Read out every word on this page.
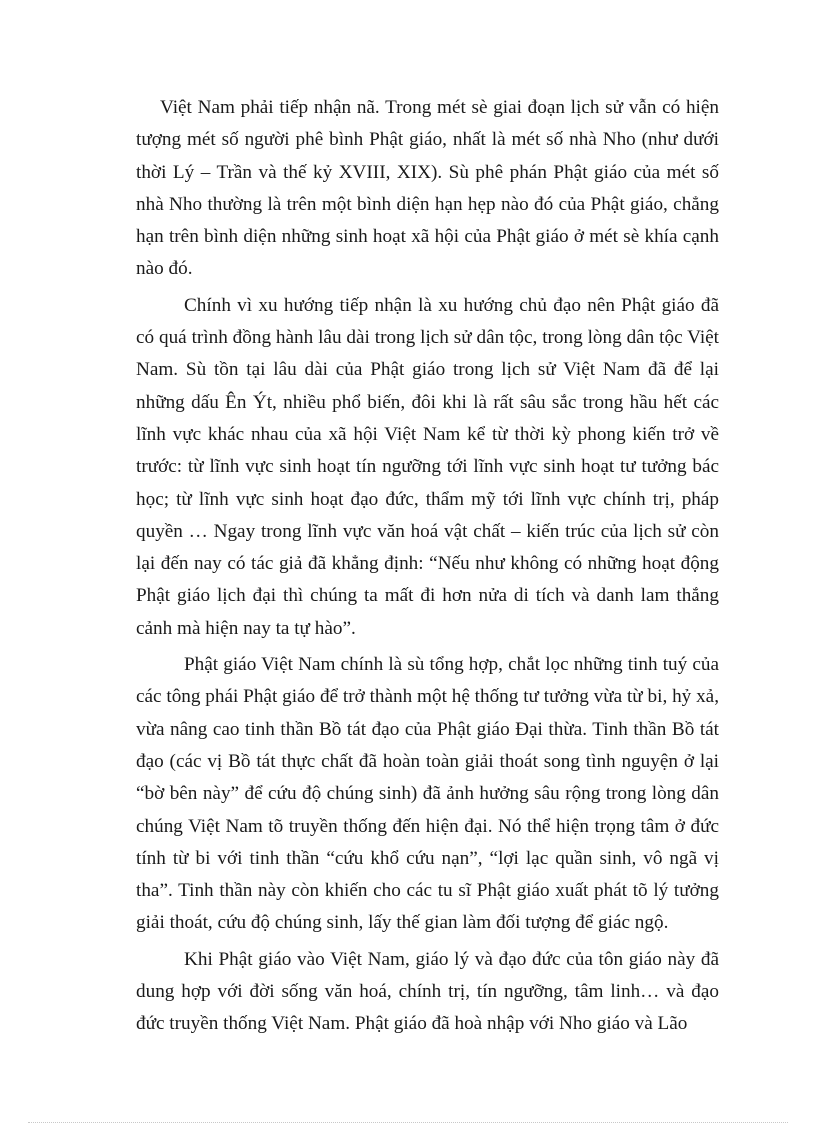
Việt Nam phải tiếp nhận nã. Trong mét sè giai đoạn lịch sử vẫn có hiện tượng mét số người phê bình Phật giáo, nhất là mét số nhà Nho (như dưới thời Lý – Trần và thế kỷ XVIII, XIX). Sù phê phán Phật giáo của mét số nhà Nho thường là trên một bình diện hạn hẹp nào đó của Phật giáo, chẳng hạn trên bình diện những sinh hoạt xã hội của Phật giáo ở mét sè khía cạnh nào đó.

Chính vì xu hướng tiếp nhận là xu hướng chủ đạo nên Phật giáo đã có quá trình đồng hành lâu dài trong lịch sử dân tộc, trong lòng dân tộc Việt Nam. Sù tồn tại lâu dài của Phật giáo trong lịch sử Việt Nam đã để lại những dấu Ên Ýt, nhiều phổ biến, đôi khi là rất sâu sắc trong hầu hết các lĩnh vực khác nhau của xã hội Việt Nam kể từ thời kỳ phong kiến trở về trước: từ lĩnh vực sinh hoạt tín ngưỡng tới lĩnh vực sinh hoạt tư tưởng bác học; từ lĩnh vực sinh hoạt đạo đức, thẩm mỹ tới lĩnh vực chính trị, pháp quyền … Ngay trong lĩnh vực văn hoá vật chất – kiến trúc của lịch sử còn lại đến nay có tác giả đã khẳng định: “Nếu như không có những hoạt động Phật giáo lịch đại thì chúng ta mất đi hơn nửa di tích và danh lam thắng cảnh mà hiện nay ta tự hào”.

Phật giáo Việt Nam chính là sù tổng hợp, chắt lọc những tinh tuý của các tông phái Phật giáo để trở thành một hệ thống tư tưởng vừa từ bi, hỷ xả, vừa nâng cao tinh thần Bồ tát đạo của Phật giáo Đại thừa. Tinh thần Bồ tát đạo (các vị Bồ tát thực chất đã hoàn toàn giải thoát song tình nguyện ở lại “bờ bên này” để cứu độ chúng sinh) đã ảnh hưởng sâu rộng trong lòng dân chúng Việt Nam tõ truyền thống đến hiện đại. Nó thể hiện trọng tâm ở đức tính từ bi với tinh thần “cứu khổ cứu nạn”, “lợi lạc quần sinh, vô ngã vị tha”. Tinh thần này còn khiến cho các tu sĩ Phật giáo xuất phát tõ lý tưởng giải thoát, cứu độ chúng sinh, lấy thế gian làm đối tượng để giác ngộ.

Khi Phật giáo vào Việt Nam, giáo lý và đạo đức của tôn giáo này đã dung hợp với đời sống văn hoá, chính trị, tín ngưỡng, tâm linh… và đạo đức truyền thống Việt Nam. Phật giáo đã hoà nhập với Nho giáo và Lão
